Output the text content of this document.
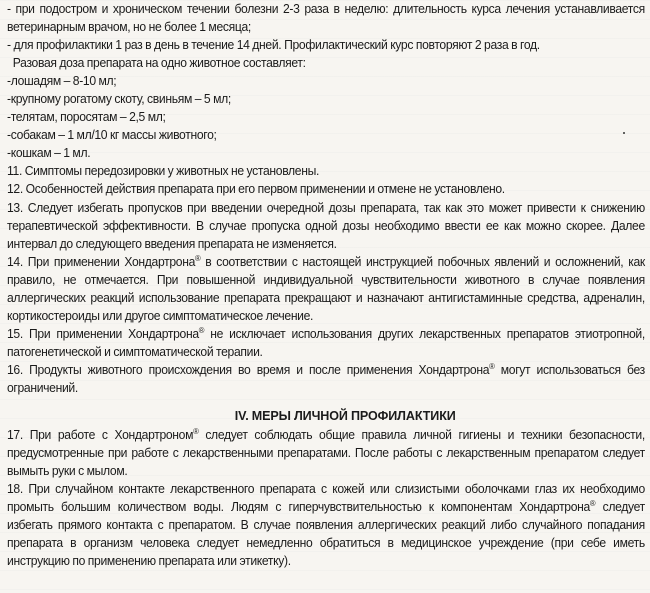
- при подостром и хроническом течении болезни 2-3 раза в неделю: длительность курса лечения устанавливается ветеринарным врачом, но не более 1 месяца;

- для профилактики 1 раз в день в течение 14 дней. Профилактический курс повторяют 2 раза в год.

Разовая доза препарата на одно животное составляет:

-лошадям – 8-10 мл;

-крупному рогатому скоту, свиньям – 5 мл;

-телятам, поросятам – 2,5 мл;

-собакам – 1 мл/10 кг массы животного;

-кошкам – 1 мл.

11. Симптомы передозировки у животных не установлены.

12. Особенностей действия препарата при его первом применении и отмене не установлено.

13. Следует избегать пропусков при введении очередной дозы препарата, так как это может привести к снижению терапевтической эффективности. В случае пропуска одной дозы необходимо ввести ее как можно скорее. Далее интервал до следующего введения препарата не изменяется.

14. При применении Хондартрона® в соответствии с настоящей инструкцией побочных явлений и осложнений, как правило, не отмечается. При повышенной индивидуальной чувствительности животного в случае появления аллергических реакций использование препарата прекращают и назначают антигистаминные средства, адреналин, кортикостероиды или другое симптоматическое лечение.

15. При применении Хондартрона® не исключает использования других лекарственных препаратов этиотропной, патогенетической и симптоматической терапии.

16. Продукты животного происхождения во время и после применения Хондартрона® могут использоваться без ограничений.

IV. МЕРЫ ЛИЧНОЙ ПРОФИЛАКТИКИ

17. При работе с Хондартроном® следует соблюдать общие правила личной гигиены и техники безопасности, предусмотренные при работе с лекарственными препаратами. После работы с лекарственным препаратом следует вымыть руки с мылом.

18. При случайном контакте лекарственного препарата с кожей или слизистыми оболочками глаз их необходимо промыть большим количеством воды. Людям с гиперчувствительностью к компонентам Хондартрона® следует избегать прямого контакта с препаратом. В случае появления аллергических реакций либо случайного попадания препарата в организм человека следует немедленно обратиться в медицинское учреждение (при себе иметь инструкцию по применению препарата или этикетку).
